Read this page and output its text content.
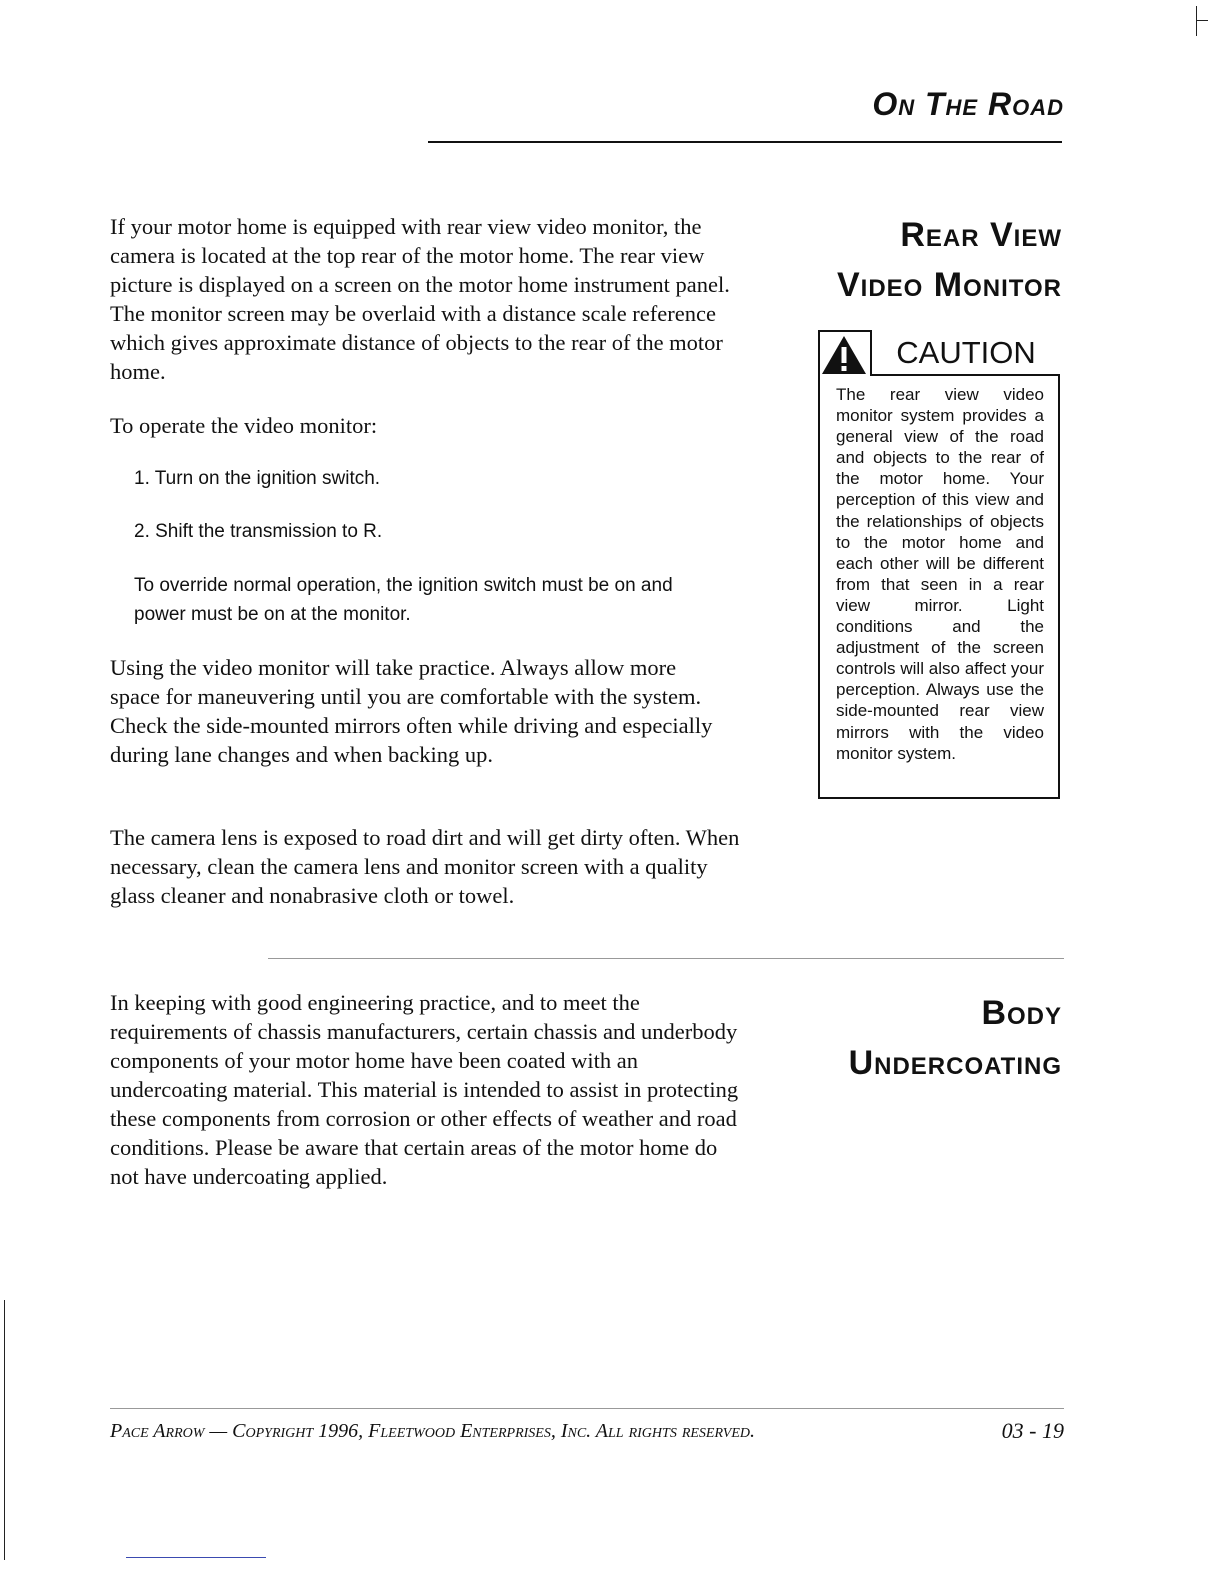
On The Road
Rear View
Video Monitor
If your motor home is equipped with rear view video monitor, the camera is located at the top rear of the motor home. The rear view picture is displayed on a screen on the motor home instrument panel. The monitor screen may be overlaid with a distance scale reference which gives approximate distance of objects to the rear of the motor home.
To operate the video monitor:
1. Turn on the ignition switch.
2. Shift the transmission to R.
To override normal operation, the ignition switch must be on and power must be on at the monitor.
Using the video monitor will take practice. Always allow more space for maneuvering until you are comfortable with the system. Check the side-mounted mirrors often while driving and especially during lane changes and when backing up.
The camera lens is exposed to road dirt and will get dirty often. When necessary, clean the camera lens and monitor screen with a quality glass cleaner and nonabrasive cloth or towel.
CAUTION
The rear view video monitor system provides a general view of the road and objects to the rear of the motor home. Your perception of this view and the relationships of objects to the motor home and each other will be different from that seen in a rear view mirror. Light conditions and the adjustment of the screen controls will also affect your perception. Always use the side-mounted rear view mirrors with the video monitor system.
Body
Undercoating
In keeping with good engineering practice, and to meet the requirements of chassis manufacturers, certain chassis and underbody components of your motor home have been coated with an undercoating material. This material is intended to assist in protecting these components from corrosion or other effects of weather and road conditions. Please be aware that certain areas of the motor home do not have undercoating applied.
Pace Arrow — Copyright 1996, Fleetwood Enterprises, Inc. All rights reserved.	03 - 19
